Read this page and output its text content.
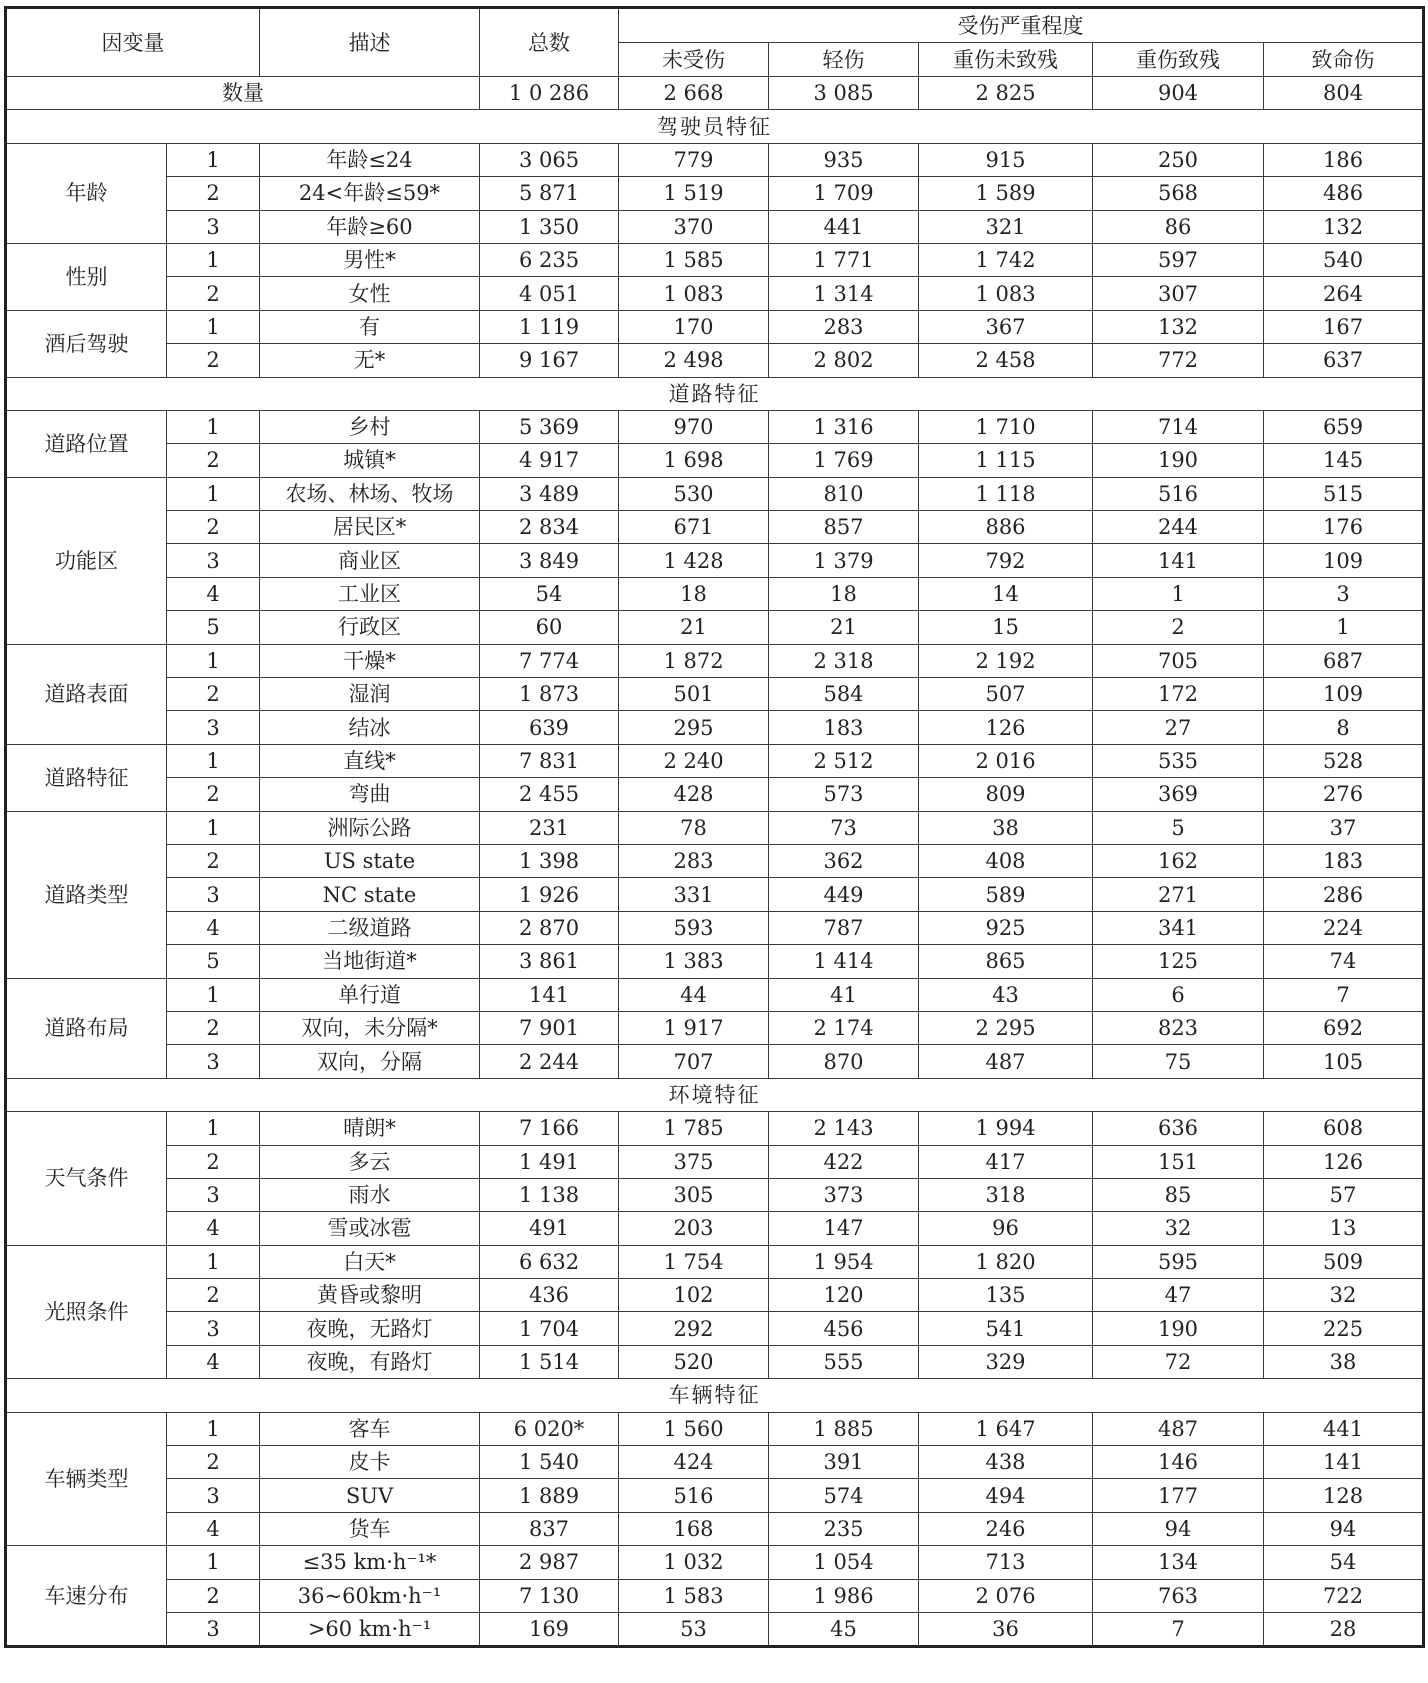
因变量		描述	总数	受伤严重程度				
				未受伤	轻伤	重伤未致残	重伤致残	致命伤
数量			1 0 286	2 668	3 085	2 825	904	804
驾驶员特征								
年龄	1	年龄≤24	3 065	779	935	915	250	186
	2	24<年龄≤59*	5 871	1 519	1 709	1 589	568	486
	3	年龄≥60	1 350	370	441	321	86	132
性别	1	男性*	6 235	1 585	1 771	1 742	597	540
	2	女性	4 051	1 083	1 314	1 083	307	264
酒后驾驶	1	有	1 119	170	283	367	132	167
	2	无*	9 167	2 498	2 802	2 458	772	637
道路特征								
道路位置	1	乡村	5 369	970	1 316	1 710	714	659
	2	城镇*	4 917	1 698	1 769	1 115	190	145
功能区	1	农场、林场、牧场	3 489	530	810	1 118	516	515
	2	居民区*	2 834	671	857	886	244	176
	3	商业区	3 849	1 428	1 379	792	141	109
	4	工业区	54	18	18	14	1	3
	5	行政区	60	21	21	15	2	1
道路表面	1	干燥*	7 774	1 872	2 318	2 192	705	687
	2	湿润	1 873	501	584	507	172	109
	3	结冰	639	295	183	126	27	8
道路特征	1	直线*	7 831	2 240	2 512	2 016	535	528
	2	弯曲	2 455	428	573	809	369	276
道路类型	1	洲际公路	231	78	73	38	5	37
	2	US state	1 398	283	362	408	162	183
	3	NC state	1 926	331	449	589	271	286
	4	二级道路	2 870	593	787	925	341	224
	5	当地街道*	3 861	1 383	1 414	865	125	74
道路布局	1	单行道	141	44	41	43	6	7
	2	双向，未分隔*	7 901	1 917	2 174	2 295	823	692
	3	双向，分隔	2 244	707	870	487	75	105
环境特征								
天气条件	1	晴朗*	7 166	1 785	2 143	1 994	636	608
	2	多云	1 491	375	422	417	151	126
	3	雨水	1 138	305	373	318	85	57
	4	雪或冰雹	491	203	147	96	32	13
光照条件	1	白天*	6 632	1 754	1 954	1 820	595	509
	2	黄昏或黎明	436	102	120	135	47	32
	3	夜晚，无路灯	1 704	292	456	541	190	225
	4	夜晚，有路灯	1 514	520	555	329	72	38
车辆特征								
车辆类型	1	客车	6 020*	1 560	1 885	1 647	487	441
	2	皮卡	1 540	424	391	438	146	141
	3	SUV	1 889	516	574	494	177	128
	4	货车	837	168	235	246	94	94
车速分布	1	≤35 km·h⁻¹*	2 987	1 032	1 054	713	134	54
	2	36~60km·h⁻¹	7 130	1 583	1 986	2 076	763	722
	3	>60 km·h⁻¹	169	53	45	36	7	28
